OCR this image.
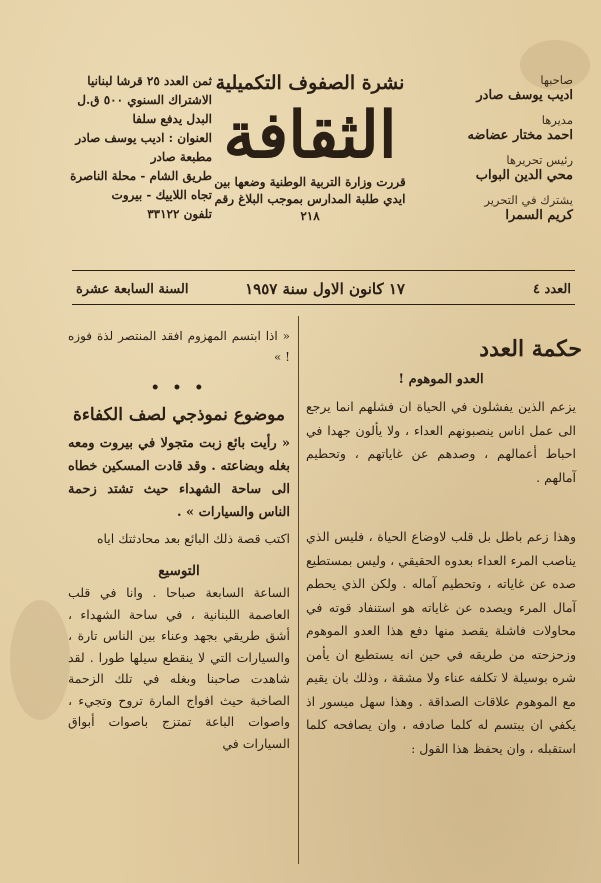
صاحبها
اديب يوسف صادر
مديرها
احمد مختار عضاضه
رئيس تحريرها
محي الدين البواب
يشترك في التحرير
كريم السمرا
نشرة الصفوف التكميلية
الثقافة
قررت وزارة التربية الوطنية وضعها بين
ايدي طلبة المدارس بموجب البلاغ رقم ٢١٨
ثمن العدد ٢٥ قرشا لبنانيا
الاشتراك السنوي ٥٠٠ ق.ل
البدل يدفع سلفا
العنوان : اديب يوسف صادر
مطبعة صادر
طريق الشام - محلة الناصرة
تجاه اللاييك - بيروت
تلفون ٣٣١٢٢
العدد ٤
١٧ كانون الاول سنة ١٩٥٧
السنة السابعة عشرة
حكمة العدد
العدو الموهوم !

يزعم الذين يفشلون في الحياة ان فشلهم انما يرجع الى عمل اناس ينصبونهم العداء ، ولا يألون جهدا في احباط أعمالهم ، وصدهم عن غاياتهم ، وتحطيم آمالهم .

وهذا زعم باطل بل قلب لاوضاع الحياة ، فليس الذي يناصب المرء العداء بعدوه الحقيقي ، وليس بمستطيع صده عن غاياته ، وتحطيم آماله . ولكن الذي يحطم آمال المرء ويصده عن غاياته هو استنفاد قوته في محاولات فاشلة يقصد منها دفع هذا العدو الموهوم وزحزحته من طريقه في حين انه يستطيع ان يأمن شره بوسيلة لا تكلفه عناء ولا مشقة ، وذلك بان يقيم مع الموهوم علاقات الصداقة . وهذا سهل ميسور اذ يكفي ان يبتسم له كلما صادفه ، وان يصافحه كلما استقبله ، وان يحفظ هذا القول :

« اذا ابتسم المهزوم افقد المنتصر لذة فوزه ! »
• • •
موضوع نموذجي لصف الكفاءة
« رأيت بائع زبت متجولا في بيروت ومعه بغله وبضاعته . وقد قادت المسكين خطاه الى ساحة الشهداء حيث تشتد زحمة الناس والسيارات » .
اكتب قصة ذلك البائع بعد محادثتك اياه
التوسيع

الساعة السابعة صباحا . وانا في قلب العاصمة اللبنانية ، في ساحة الشهداء ، أشق طريقي بجهد وعناء بين الناس تارة ، والسيارات التي لا ينقطع سيلها طورا . لقد شاهدت صاحبنا وبغله في تلك الزحمة الصاخبة حيث افواج المارة تروح وتجيء ، واصوات الباعة تمتزج باصوات أبواق السيارات في
